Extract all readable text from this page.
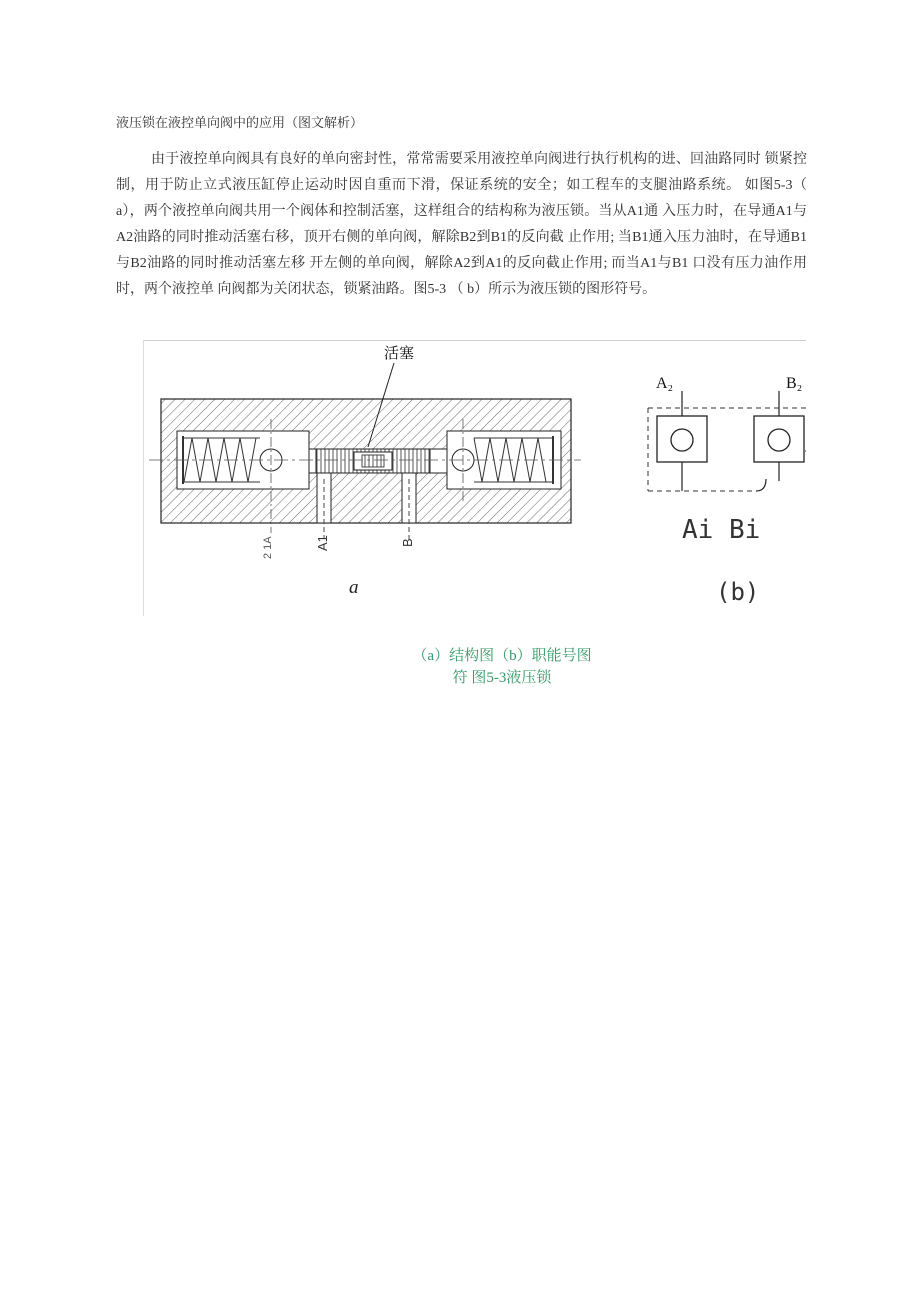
液压锁在液控单向阀中的应用（图文解析）
由于液控单向阀具有良好的单向密封性，常常需要采用液控单向阀进行执行机构的进、回油路同时 锁紧控制，用于防止立式液压缸停止运动时因自重而下滑，保证系统的安全；如工程车的支腿油路系统。 如图5-3（ a），两个液控单向阀共用一个阀体和控制活塞，这样组合的结构称为液压锁。当从A1通 入压力时，在导通A1与A2油路的同时推动活塞右移，顶开右侧的单向阀，解除B2到B1的反向截 止作用; 当B1通入压力油时，在导通B1与B2油路的同时推动活塞左移 开左侧的单向阀，解除A2到A1的反向截止作用; 而当A1与B1 口没有压力油作用时，两个液控单 向阀都为关闭状态，锁紧油路。图5-3 （ b）所示为液压锁的图形符号。
活塞
A1	B
2 1A
a
A₂	B₂
Ai Bi
(b)
（a）结构图（b）职能号图
符 图5-3液压锁
